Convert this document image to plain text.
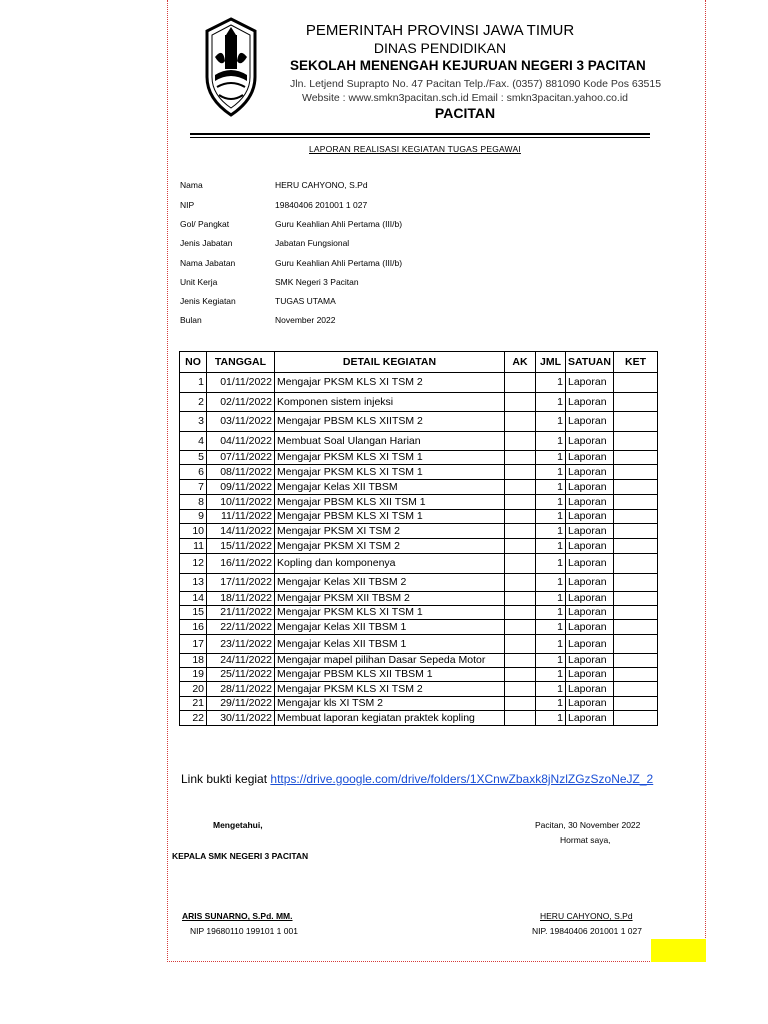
PEMERINTAH PROVINSI JAWA TIMUR
DINAS PENDIDIKAN
SEKOLAH MENENGAH KEJURUAN NEGERI 3 PACITAN
Jln. Letjend Suprapto No. 47 Pacitan Telp./Fax. (0357) 881090 Kode Pos 63515
Website : www.smkn3pacitan.sch.id Email : smkn3pacitan.yahoo.co.id
PACITAN
LAPORAN REALISASI KEGIATAN TUGAS PEGAWAI
Nama	HERU CAHYONO, S.Pd
NIP	19840406 201001 1 027
Gol/ Pangkat	Guru Keahlian Ahli Pertama (III/b)
Jenis Jabatan	Jabatan Fungsional
Nama Jabatan	Guru Keahlian Ahli Pertama (III/b)
Unit Kerja	SMK Negeri 3 Pacitan
Jenis Kegiatan	TUGAS UTAMA
Bulan	November 2022
NO	TANGGAL	DETAIL KEGIATAN	AK	JML	SATUAN	KET
1	01/11/2022	Mengajar PKSM KLS XI TSM 2		1	Laporan	
2	02/11/2022	Komponen sistem injeksi		1	Laporan	
3	03/11/2022	Mengajar PBSM KLS XIITSM 2		1	Laporan	
4	04/11/2022	Membuat Soal Ulangan Harian		1	Laporan	
5	07/11/2022	Mengajar PKSM KLS XI TSM 1		1	Laporan	
6	08/11/2022	Mengajar PKSM KLS XI TSM 1		1	Laporan	
7	09/11/2022	Mengajar Kelas XII TBSM		1	Laporan	
8	10/11/2022	Mengajar PBSM KLS XII TSM 1		1	Laporan	
9	11/11/2022	Mengajar PBSM KLS XI TSM 1		1	Laporan	
10	14/11/2022	Mengajar PKSM XI TSM 2		1	Laporan	
11	15/11/2022	Mengajar PKSM XI TSM 2		1	Laporan	
12	16/11/2022	Kopling dan komponenya		1	Laporan	
13	17/11/2022	Mengajar Kelas XII TBSM 2		1	Laporan	
14	18/11/2022	Mengajar PKSM XII TBSM 2		1	Laporan	
15	21/11/2022	Mengajar PKSM KLS XI TSM 1		1	Laporan	
16	22/11/2022	Mengajar Kelas XII TBSM 1		1	Laporan	
17	23/11/2022	Mengajar Kelas XII TBSM 1		1	Laporan	
18	24/11/2022	Mengajar mapel pilihan Dasar Sepeda Motor		1	Laporan	
19	25/11/2022	Mengajar PBSM KLS XII TBSM 1		1	Laporan	
20	28/11/2022	Mengajar PKSM KLS XI TSM 2		1	Laporan	
21	29/11/2022	Mengajar kls XI TSM 2		1	Laporan	
22	30/11/2022	Membuat laporan kegiatan praktek kopling		1	Laporan	
Link bukti kegiat https://drive.google.com/drive/folders/1XCnwZbaxk8jNzlZGzSzoNeJZ_2
Mengetahui,
KEPALA SMK NEGERI 3 PACITAN
ARIS SUNARNO, S.Pd. MM.
NIP 19680110 199101 1 001
Pacitan, 30 November 2022
Hormat saya,
HERU CAHYONO, S.Pd
NIP. 19840406 201001 1 027
